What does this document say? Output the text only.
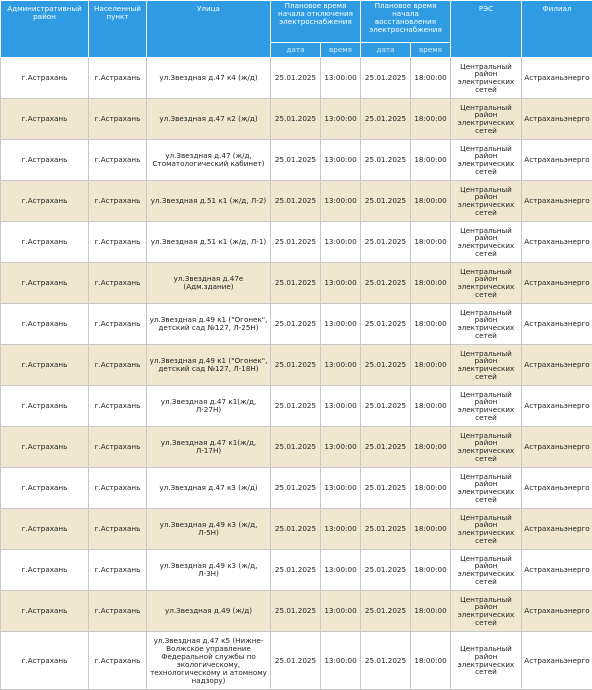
Административный район	Населенный пункт	Улица	Плановое время начала отключения электроснабжения		Плановое время начала восстановления электроснабжения		РЭС	Филиал
			дата	время	дата	время		
г.Астрахань	г.Астрахань	ул.Звездная д.47 к4 (ж/д)	25.01.2025	13:00:00	25.01.2025	18:00:00	Центральный район электрических сетей	Астраханьэнерго
г.Астрахань	г.Астрахань	ул.Звездная д.47 к2 (ж/д)	25.01.2025	13:00:00	25.01.2025	18:00:00	Центральный район электрических сетей	Астраханьэнерго
г.Астрахань	г.Астрахань	ул.Звездная д.47 (ж/д, Стоматологический кабинет)	25.01.2025	13:00:00	25.01.2025	18:00:00	Центральный район электрических сетей	Астраханьэнерго
г.Астрахань	г.Астрахань	ул.Звездная д.51 к1 (ж/д, Л-2)	25.01.2025	13:00:00	25.01.2025	18:00:00	Центральный район электрических сетей	Астраханьэнерго
г.Астрахань	г.Астрахань	ул.Звездная д.51 к1 (ж/д, Л-1)	25.01.2025	13:00:00	25.01.2025	18:00:00	Центральный район электрических сетей	Астраханьэнерго
г.Астрахань	г.Астрахань	ул.Звездная д.47е (Адм.здание)	25.01.2025	13:00:00	25.01.2025	18:00:00	Центральный район электрических сетей	Астраханьэнерго
г.Астрахань	г.Астрахань	ул.Звездная д.49 к1 ("Огонек", детский сад №127, Л-25Н)	25.01.2025	13:00:00	25.01.2025	18:00:00	Центральный район электрических сетей	Астраханьэнерго
г.Астрахань	г.Астрахань	ул.Звездная д.49 к1 ("Огонек", детский сад №127, Л-18Н)	25.01.2025	13:00:00	25.01.2025	18:00:00	Центральный район электрических сетей	Астраханьэнерго
г.Астрахань	г.Астрахань	ул.Звездная д.47 к1(ж/д, Л-27Н)	25.01.2025	13:00:00	25.01.2025	18:00:00	Центральный район электрических сетей	Астраханьэнерго
г.Астрахань	г.Астрахань	ул.Звездная д.47 к1(ж/д, Л-17Н)	25.01.2025	13:00:00	25.01.2025	18:00:00	Центральный район электрических сетей	Астраханьэнерго
г.Астрахань	г.Астрахань	ул.Звездная д.47 к3 (ж/д)	25.01.2025	13:00:00	25.01.2025	18:00:00	Центральный район электрических сетей	Астраханьэнерго
г.Астрахань	г.Астрахань	ул.Звездная д.49 к3 (ж/д, Л-5Н)	25.01.2025	13:00:00	25.01.2025	18:00:00	Центральный район электрических сетей	Астраханьэнерго
г.Астрахань	г.Астрахань	ул.Звездная д.49 к3 (ж/д, Л-3Н)	25.01.2025	13:00:00	25.01.2025	18:00:00	Центральный район электрических сетей	Астраханьэнерго
г.Астрахань	г.Астрахань	ул.Звездная д.49 (ж/д)	25.01.2025	13:00:00	25.01.2025	18:00:00	Центральный район электрических сетей	Астраханьэнерго
г.Астрахань	г.Астрахань	ул.Звездная д.47 к5 (Нижне-Волжское управление Федеральной службы по экологическому, технологическому и атомному надзору)	25.01.2025	13:00:00	25.01.2025	18:00:00	Центральный район электрических сетей	Астраханьэнерго
